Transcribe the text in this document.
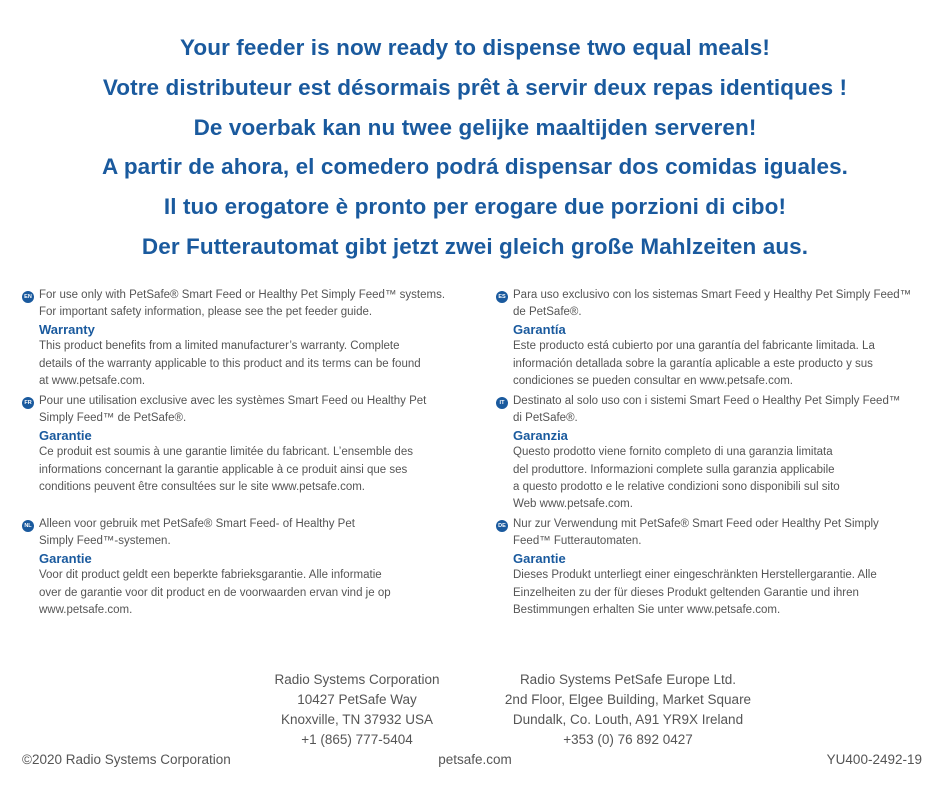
Your feeder is now ready to dispense two equal meals!
Votre distributeur est désormais prêt à servir deux repas identiques !
De voerbak kan nu twee gelijke maaltijden serveren!
A partir de ahora, el comedero podrá dispensar dos comidas iguales.
Il tuo erogatore è pronto per erogare due porzioni di cibo!
Der Futterautomat gibt jetzt zwei gleich große Mahlzeiten aus.
EN For use only with PetSafe® Smart Feed or Healthy Pet Simply Feed™ systems.
For important safety information, please see the pet feeder guide.
Warranty
This product benefits from a limited manufacturer’s warranty. Complete
details of the warranty applicable to this product and its terms can be found
at www.petsafe.com.
FR Pour une utilisation exclusive avec les systèmes Smart Feed ou Healthy Pet
Simply Feed™ de PetSafe®.
Garantie
Ce produit est soumis à une garantie limitée du fabricant. L’ensemble des
informations concernant la garantie applicable à ce produit ainsi que ses
conditions peuvent être consultées sur le site www.petsafe.com.
NL Alleen voor gebruik met PetSafe® Smart Feed- of Healthy Pet
Simply Feed™-systemen.
Garantie
Voor dit product geldt een beperkte fabrieksgarantie. Alle informatie
over de garantie voor dit product en de voorwaarden ervan vind je op
www.petsafe.com.
ES Para uso exclusivo con los sistemas Smart Feed y Healthy Pet Simply Feed™
de PetSafe®.
Garantía
Este producto está cubierto por una garantía del fabricante limitada. La
información detallada sobre la garantía aplicable a este producto y sus
condiciones se pueden consultar en www.petsafe.com.
IT Destinato al solo uso con i sistemi Smart Feed o Healthy Pet Simply Feed™
di PetSafe®.
Garanzia
Questo prodotto viene fornito completo di una garanzia limitata
del produttore. Informazioni complete sulla garanzia applicabile
a questo prodotto e le relative condizioni sono disponibili sul sito
Web www.petsafe.com.
DE Nur zur Verwendung mit PetSafe® Smart Feed oder Healthy Pet Simply
Feed™ Futterautomaten.
Garantie
Dieses Produkt unterliegt einer eingeschränkten Herstellergarantie. Alle
Einzelheiten zu der für dieses Produkt geltenden Garantie und ihren
Bestimmungen erhalten Sie unter www.petsafe.com.
Radio Systems Corporation
10427 PetSafe Way
Knoxville, TN 37932 USA
+1 (865) 777-5404
Radio Systems PetSafe Europe Ltd.
2nd Floor, Elgee Building, Market Square
Dundalk, Co. Louth, A91 YR9X Ireland
+353 (0) 76 892 0427
©2020 Radio Systems Corporation	petsafe.com	YU400-2492-19
